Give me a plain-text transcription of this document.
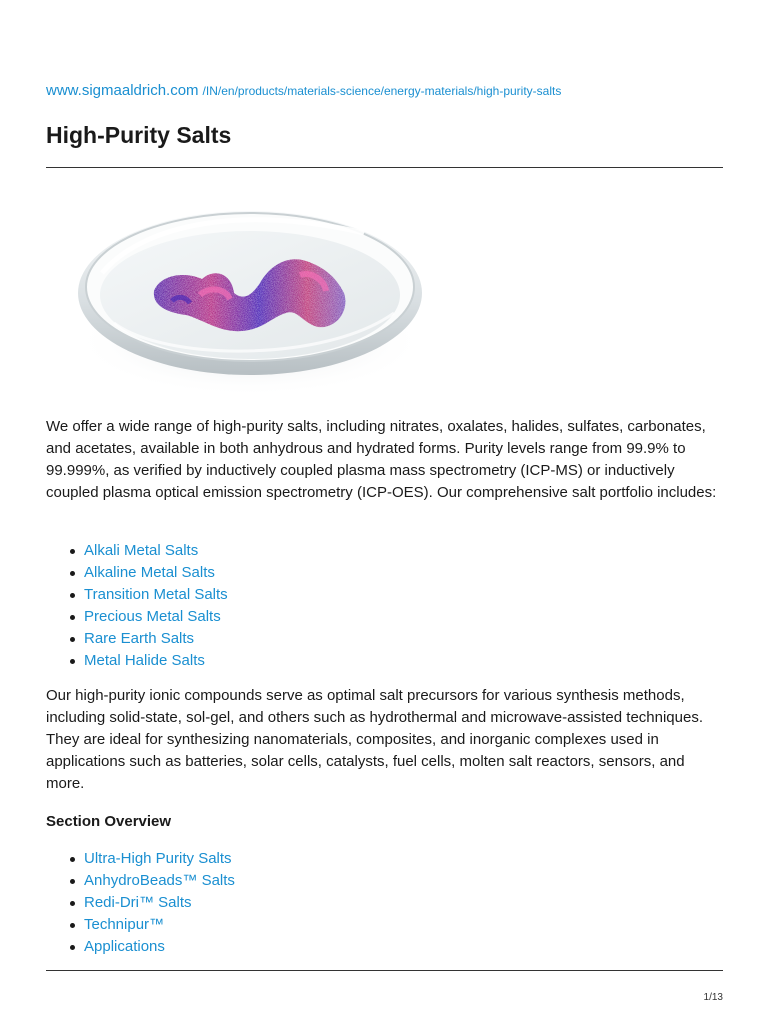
www.sigmaaldrich.com /IN/en/products/materials-science/energy-materials/high-purity-salts
High-Purity Salts

We offer a wide range of high-purity salts, including nitrates, oxalates, halides, sulfates, carbonates, and acetates, available in both anhydrous and hydrated forms. Purity levels range from 99.9% to 99.999%, as verified by inductively coupled plasma mass spectrometry (ICP-MS) or inductively coupled plasma optical emission spectrometry (ICP-OES). Our comprehensive salt portfolio includes:

Alkali Metal Salts
Alkaline Metal Salts
Transition Metal Salts
Precious Metal Salts
Rare Earth Salts
Metal Halide Salts

Our high-purity ionic compounds serve as optimal salt precursors for various synthesis methods, including solid-state, sol-gel, and others such as hydrothermal and microwave-assisted techniques. They are ideal for synthesizing nanomaterials, composites, and inorganic complexes used in applications such as batteries, solar cells, catalysts, fuel cells, molten salt reactors, sensors, and more.

Section Overview
Ultra-High Purity Salts
AnhydroBeads™ Salts
Redi-Dri™ Salts
Technipur™
Applications
1/13
